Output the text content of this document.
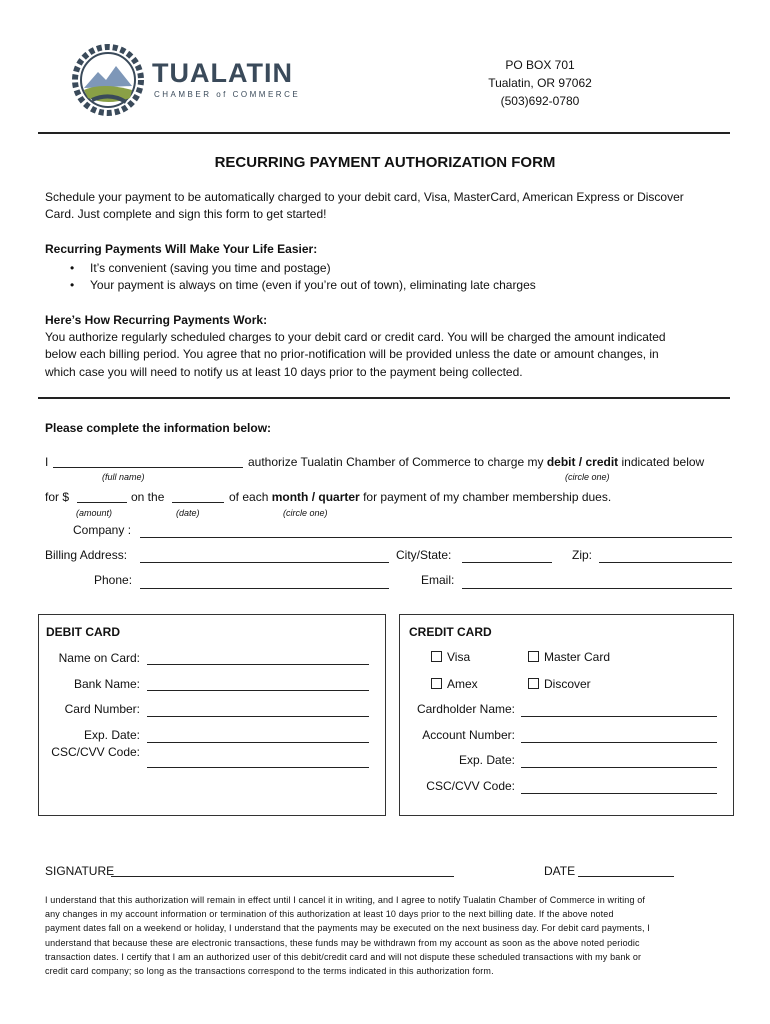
TUALATIN
CHAMBER of COMMERCE
PO BOX 701
Tualatin, OR 97062
(503)692-0780
RECURRING PAYMENT AUTHORIZATION FORM
Schedule your payment to be automatically charged to your debit card, Visa, MasterCard, American Express or Discover
Card. Just complete and sign this form to get started!
Recurring Payments Will Make Your Life Easier:
• It’s convenient (saving you time and postage)
• Your payment is always on time (even if you’re out of town), eliminating late charges
Here’s How Recurring Payments Work:
You authorize regularly scheduled charges to your debit card or credit card. You will be charged the amount indicated
below each billing period. You agree that no prior-notification will be provided unless the date or amount changes, in
which case you will need to notify us at least 10 days prior to the payment being collected.
Please complete the information below:
I	authorize Tualatin Chamber of Commerce to charge my debit / credit indicated below
(full name)	(circle one)
for $	on the	of each month / quarter for payment of my chamber membership dues.
(amount)	(date)	(circle one)
Company :
Billing Address:	City/State:	Zip:
Phone:	Email:
DEBIT CARD
Name on Card:
Bank Name:
Card Number:
Exp. Date:
CSC/CVV Code:
CREDIT CARD
Visa	Master Card
Amex	Discover
Cardholder Name:
Account Number:
Exp. Date:
CSC/CVV Code:
SIGNATURE	DATE
I understand that this authorization will remain in effect until I cancel it in writing, and I agree to notify Tualatin Chamber of Commerce in writing of
any changes in my account information or termination of this authorization at least 10 days prior to the next billing date. If the above noted
payment dates fall on a weekend or holiday, I understand that the payments may be executed on the next business day. For debit card payments, I
understand that because these are electronic transactions, these funds may be withdrawn from my account as soon as the above noted periodic
transaction dates. I certify that I am an authorized user of this debit/credit card and will not dispute these scheduled transactions with my bank or
credit card company; so long as the transactions correspond to the terms indicated in this authorization form.
